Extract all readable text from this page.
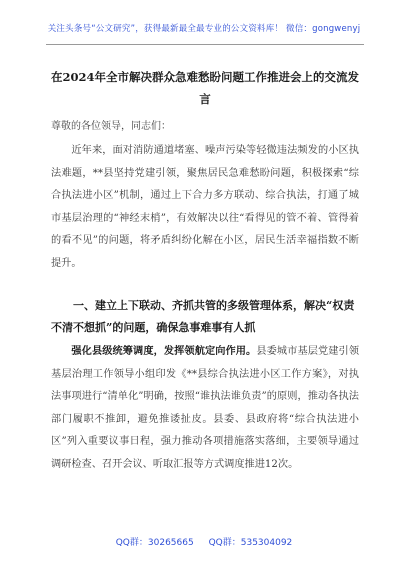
关注头条号“公文研究”，获得最新最全最专业的公文资料库！ 微信：gongwenyj
在2024年全市解决群众急难愁盼问题工作推进会上的交流发言
尊敬的各位领导，同志们：
近年来，面对消防通道堵塞、噪声污染等轻微违法频发的小区执法难题，**县坚持党建引领，聚焦居民急难愁盼问题，积极探索“综合执法进小区”机制，通过上下合力多方联动、综合执法，打通了城市基层治理的“神经末梢”，有效解决以往“看得见的管不着、管得着的看不见”的问题，将矛盾纠纷化解在小区，居民生活幸福指数不断提升。
一、建立上下联动、齐抓共管的多级管理体系，解决“权责不清不想抓”的问题，确保急事难事有人抓
强化县级统筹调度，发挥领航定向作用。县委城市基层党建引领基层治理工作领导小组印发《**县综合执法进小区工作方案》，对执法事项进行“清单化”明确，按照“谁执法谁负责”的原则，推动各执法部门履职不推卸，避免推诿扯皮。县委、县政府将“综合执法进小区”列入重要议事日程，强力推动各项措施落实落细，主要领导通过调研检查、召开会议、听取汇报等方式调度推进12次。
QQ群：30265665 QQ群：535304092
